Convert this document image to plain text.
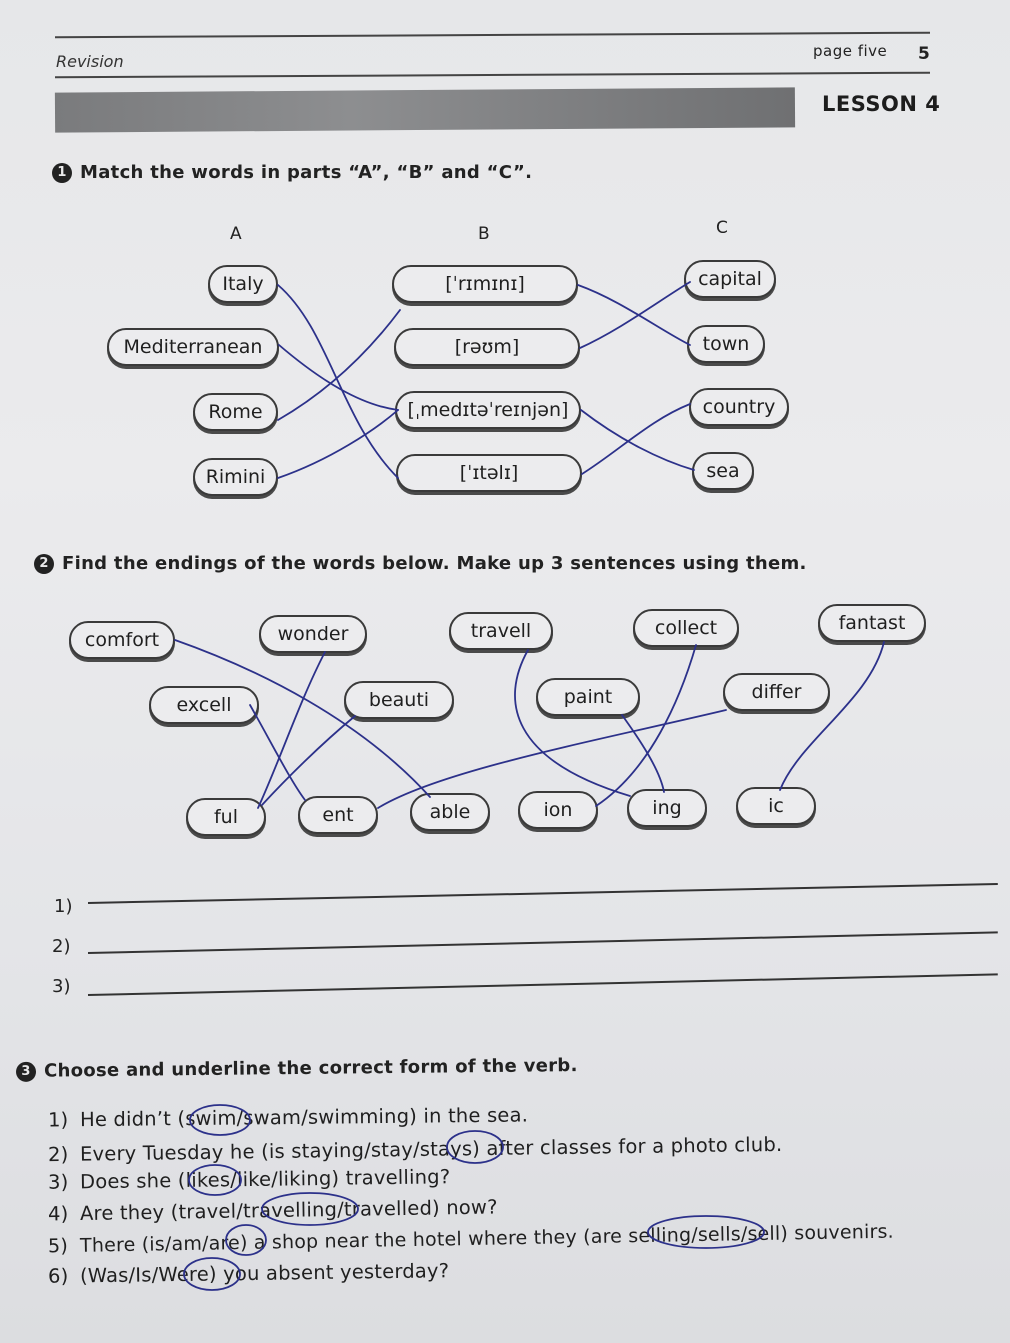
Revision
page five 5
LESSON 4
1 Match the words in parts “A”, “B” and “C”.
A	B	C
Italy
Mediterranean
Rome
Rimini
[ˈrɪmɪnɪ]
[rəʊm]
[ˌmedɪtəˈreɪnjən]
[ˈɪtəlɪ]
capital
town
country
sea
2 Find the endings of the words below. Make up 3 sentences using them.
comfort	wonder	travell	collect	fantast
excell	beauti	paint	differ
ful	ent	able	ion	ing	ic
1)
2)
3)
3 Choose and underline the correct form of the verb.
1) He didn’t (swim/swam/swimming) in the sea.
2) Every Tuesday he (is staying/stay/stays) after classes for a photo club.
3) Does she (likes/like/liking) travelling?
4) Are they (travel/travelling/travelled) now?
5) There (is/am/are) a shop near the hotel where they (are selling/sells/sell) souvenirs.
6) (Was/Is/Were) you absent yesterday?
